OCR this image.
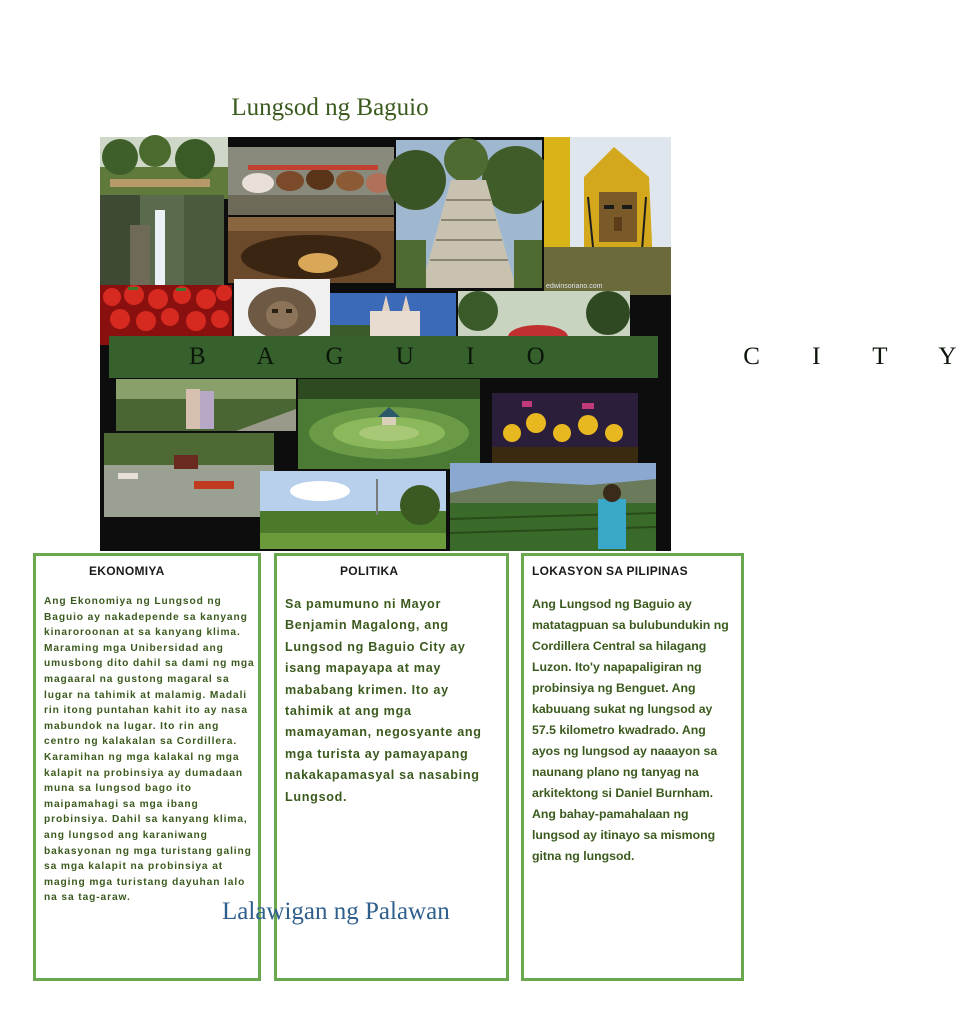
Lungsod ng Baguio
edwinsoriano.com
B A G U I O      C I T Y
EKONOMIYA

Ang Ekonomiya ng Lungsod ng Baguio ay nakadepende sa kanyang kinaroroonan at sa kanyang klima. Maraming mga Unibersidad ang umusbong dito dahil sa dami ng mga magaaral na gustong magaral sa lugar na tahimik at malamig. Madali rin itong puntahan kahit ito ay nasa mabundok na lugar. Ito rin ang centro ng kalakalan sa Cordillera. Karamihan ng mga kalakal ng mga kalapit na probinsiya ay dumadaan muna sa lungsod bago ito maipamahagi sa mga ibang probinsiya. Dahil sa kanyang klima, ang lungsod ang karaniwang bakasyonan ng mga turistang galing sa mga kalapit na probinsiya at maging mga turistang dayuhan lalo na sa tag-araw.

POLITIKA

Sa pamumuno ni Mayor Benjamin Magalong, ang Lungsod ng Baguio City ay isang mapayapa at may mababang krimen. Ito ay tahimik at ang mga mamayaman, negosyante ang mga turista ay pamayapang nakakapamasyal sa nasabing Lungsod.

LOKASYON SA PILIPINAS

Ang Lungsod ng Baguio ay matatagpuan sa bulubundukin ng Cordillera Central sa hilagang Luzon. Ito'y napapaligiran ng probinsiya ng Benguet. Ang kabuuang sukat ng lungsod ay 57.5 kilometro kwadrado. Ang ayos ng lungsod ay naaayon sa naunang plano ng tanyag na arkitektong si Daniel Burnham. Ang bahay-pamahalaan ng lungsod ay itinayo sa mismong gitna ng lungsod.

Lalawigan ng Palawan
